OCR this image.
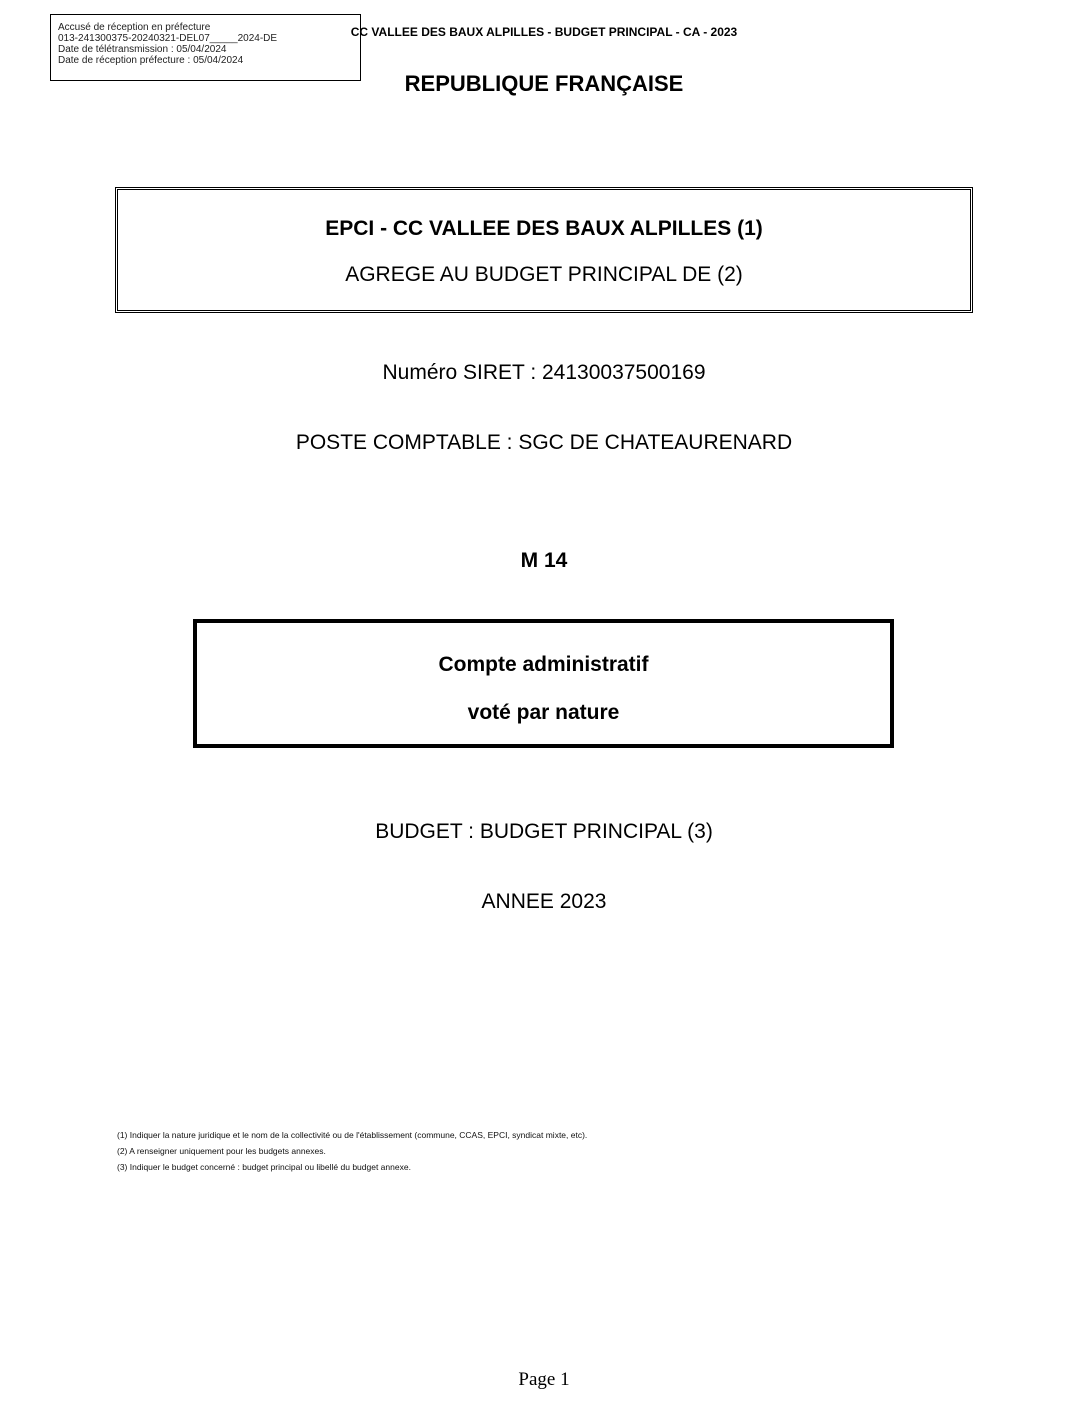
Accusé de réception en préfecture
013-241300375-20240321-DEL07_____2024-DE
Date de télétransmission : 05/04/2024
Date de réception préfecture : 05/04/2024
CC VALLEE DES BAUX ALPILLES - BUDGET PRINCIPAL - CA - 2023
REPUBLIQUE FRANÇAISE
EPCI - CC VALLEE DES BAUX ALPILLES (1)
AGREGE AU BUDGET PRINCIPAL DE (2)
Numéro SIRET : 24130037500169
POSTE COMPTABLE : SGC DE CHATEAURENARD
M 14
Compte administratif
voté par nature
BUDGET : BUDGET PRINCIPAL (3)
ANNEE 2023
(1) Indiquer la nature juridique et le nom de la collectivité ou de l'établissement (commune, CCAS, EPCI, syndicat mixte, etc).
(2) A renseigner uniquement pour les budgets annexes.
(3) Indiquer le budget concerné : budget principal ou libellé du budget annexe.
Page 1
